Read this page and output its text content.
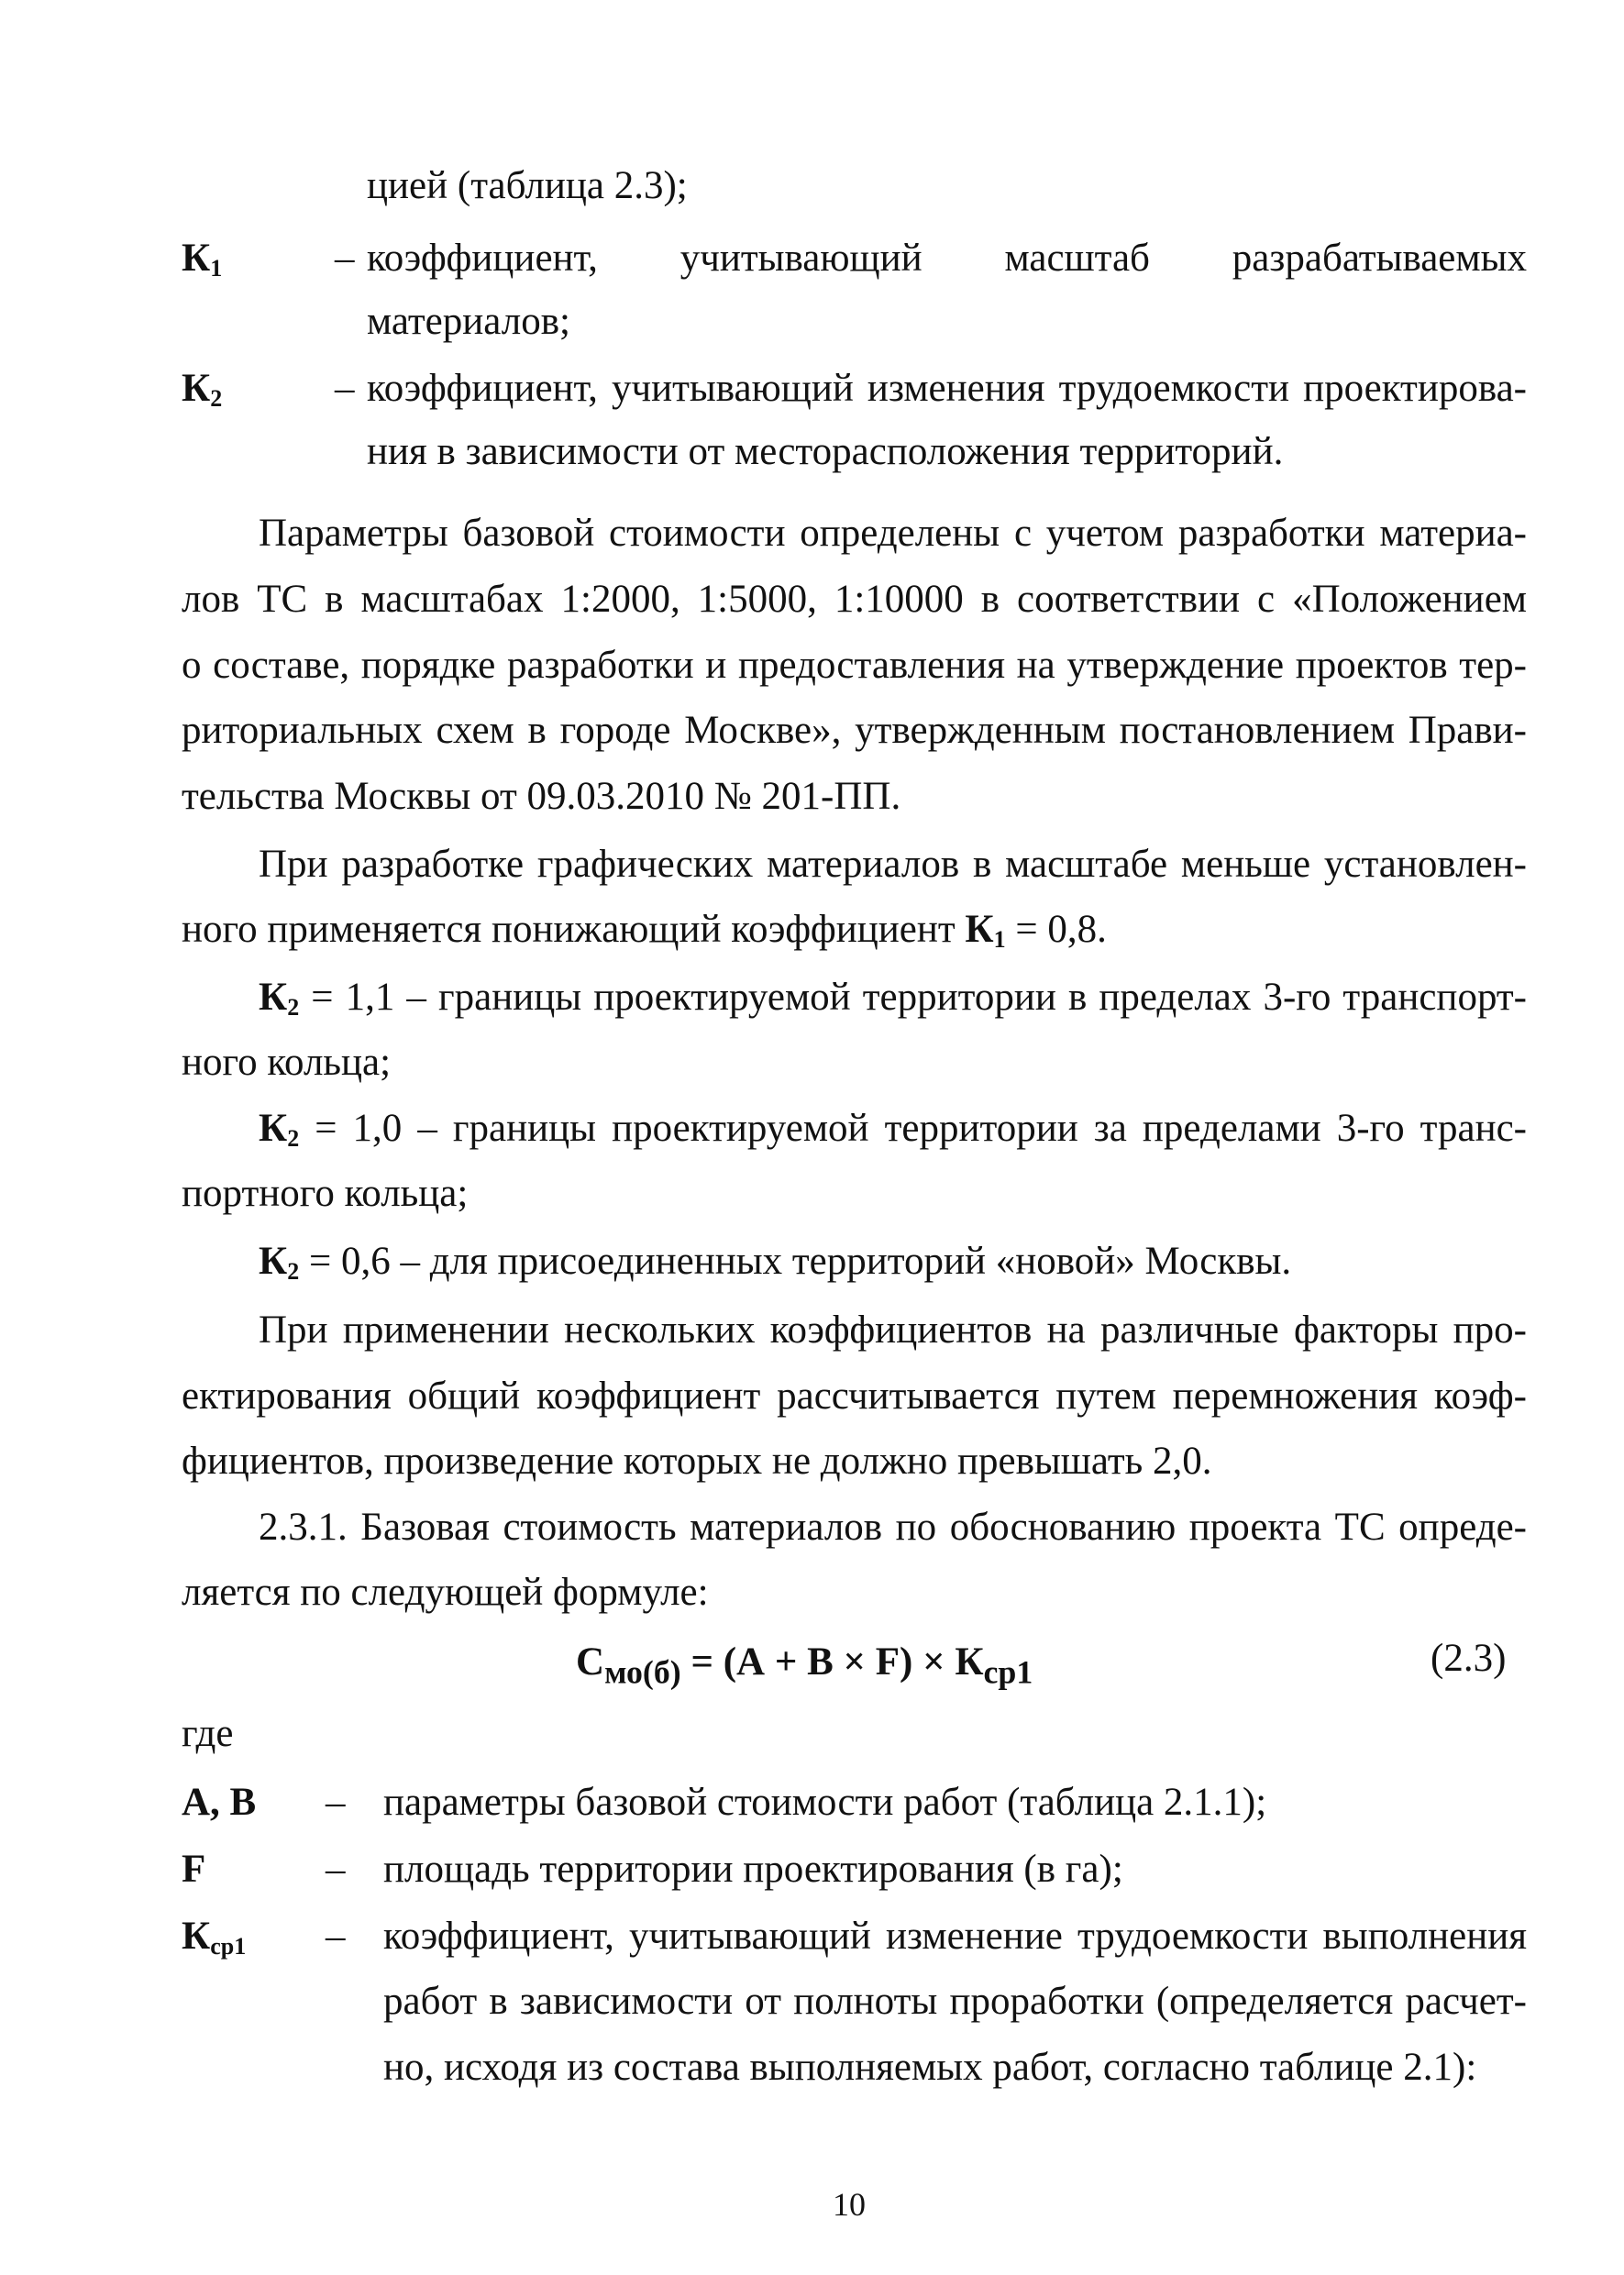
цией (таблица 2.3);
$К_1$	– коэффициент, учитывающий масштаб разрабатываемых
материалов;
$К_2$	– коэффициент, учитывающий изменения трудоемкости проектирова-
ния в зависимости от месторасположения территорий.
Параметры базовой стоимости определены с учетом разработки материа-
лов ТС в масштабах 1:2000, 1:5000, 1:10000 в соответствии с «Положением
о составе, порядке разработки и предоставления на утверждение проектов тер-
риториальных схем в городе Москве», утвержденным постановлением Прави-
тельства Москвы от 09.03.2010 № 201-ПП.
При разработке графических материалов в масштабе меньше установлен-
ного применяется понижающий коэффициент $К_1 = 0,8$.
$К_2 = 1,1$ – границы проектируемой территории в пределах 3-го транспорт-
ного кольца;
$К_2 = 1,0$ – границы проектируемой территории за пределами 3-го транс-
портного кольца;
$К_2 = 0,6$ – для присоединенных территорий «новой» Москвы.
При применении нескольких коэффициентов на различные факторы про-
ектирования общий коэффициент рассчитывается путем перемножения коэф-
фициентов, произведение которых не должно превышать 2,0.
2.3.1. Базовая стоимость материалов по обоснованию проекта ТС опреде-
ляется по следующей формуле:
$С_{мо(б)} = (А + В \times F) \times К_{ср1}$	(2.3)
где
А, В – параметры базовой стоимости работ (таблица 2.1.1);
F	– площадь территории проектирования (в га);
$К_{ср1}$ – коэффициент, учитывающий изменение трудоемкости выполнения
работ в зависимости от полноты проработки (определяется расчет-
но, исходя из состава выполняемых работ, согласно таблице 2.1):
10
